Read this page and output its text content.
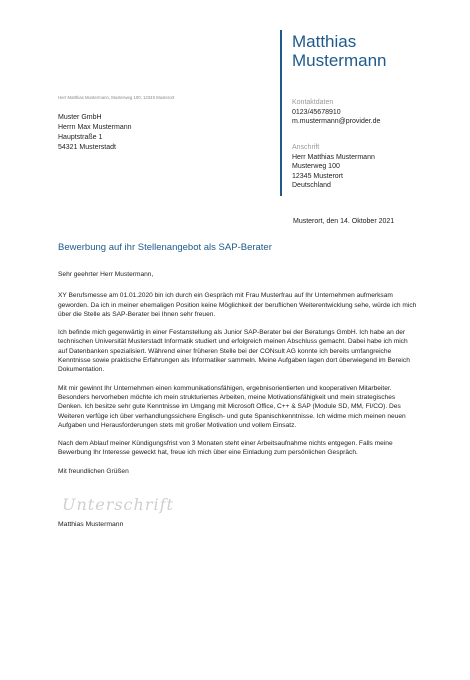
Matthias
Mustermann
Herr Matthias Mustermann, Musterweg 100, 12345 Musterort
Muster GmbH
Herrn Max Mustermann
Hauptstraße 1
54321 Musterstadt
Kontaktdaten
0123/45678910
m.mustermann@provider.de
Anschrift
Herr Matthias Mustermann
Musterweg 100
12345 Musterort
Deutschland
Musterort, den 14. Oktober 2021
Bewerbung auf ihr Stellenangebot als SAP-Berater

Sehr geehrter Herr Mustermann,

XY Berufsmesse am 01.01.2020 bin ich durch ein Gespräch mit Frau Musterfrau auf Ihr Unternehmen aufmerksam geworden. Da ich in meiner ehemaligen Position keine Möglichkeit der beruflichen Weiterentwicklung sehe, würde ich mich über die Stelle als SAP-Berater bei Ihnen sehr freuen.

Ich befinde mich gegenwärtig in einer Festanstellung als Junior SAP-Berater bei der Beratungs GmbH. Ich habe an der technischen Universität Musterstadt Informatik studiert und erfolgreich meinen Abschluss gemacht. Dabei habe ich mich auf Datenbanken spezialisiert. Während einer früheren Stelle bei der CONsult AG konnte ich bereits umfangreiche Kenntnisse sowie praktische Erfahrungen als Informatiker sammeln. Meine Aufgaben lagen dort überwiegend im Bereich Dokumentation.

Mit mir gewinnt Ihr Unternehmen einen kommunikationsfähigen, ergebnisorientierten und kooperativen Mitarbeiter. Besonders hervorheben möchte ich mein strukturiertes Arbeiten, meine Motivationsfähigkeit und mein strategisches Denken. Ich besitze sehr gute Kenntnisse im Umgang mit Microsoft Office, C++ & SAP (Module SD, MM, FI/CO). Des Weiteren verfüge ich über verhandlungssichere Englisch- und gute Spanischkenntnisse. Ich widme mich meinen neuen Aufgaben und Herausforderungen stets mit großer Motivation und vollem Einsatz.

Nach dem Ablauf meiner Kündigungsfrist von 3 Monaten steht einer Arbeitsaufnahme nichts entgegen. Falls meine Bewerbung Ihr Interesse geweckt hat, freue ich mich über eine Einladung zum persönlichen Gespräch.

Mit freundlichen Grüßen

Unterschrift
Matthias Mustermann
